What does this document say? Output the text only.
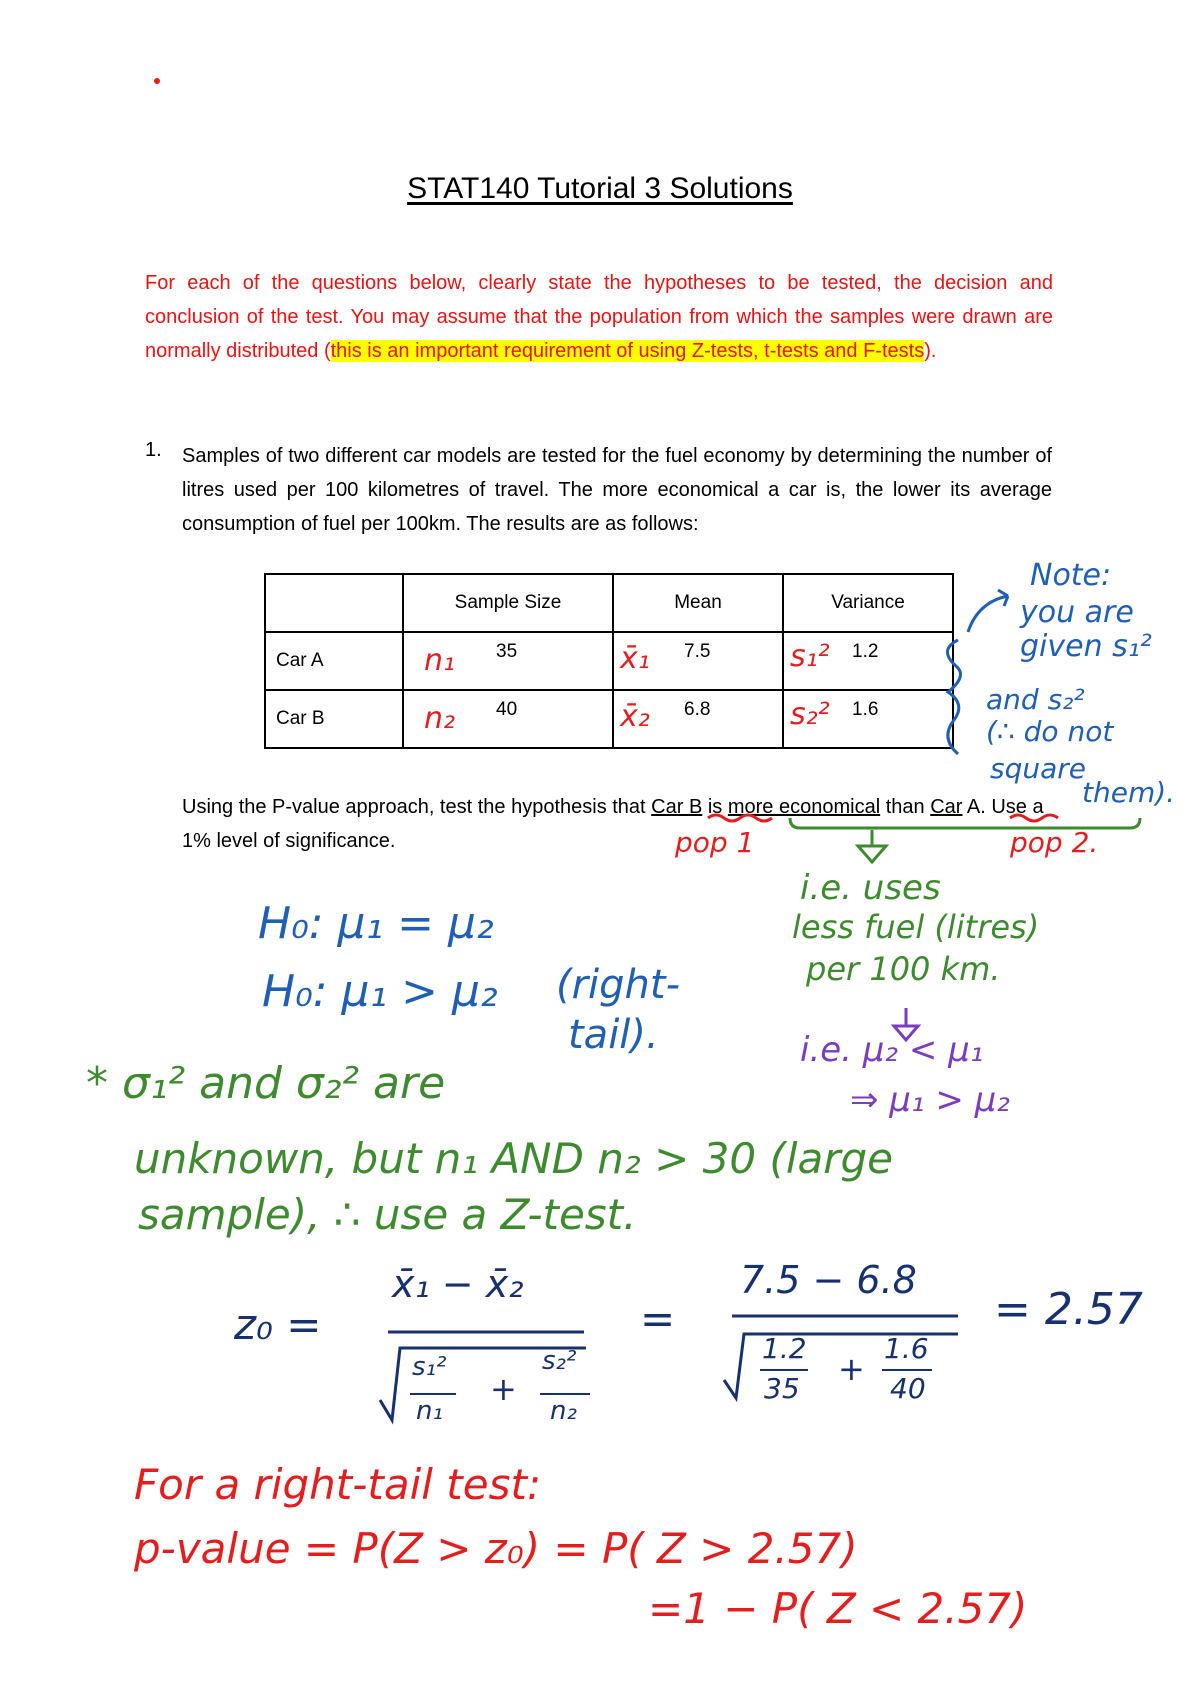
STAT140 Tutorial 3 Solutions
For each of the questions below, clearly state the hypotheses to be tested, the decision and conclusion of the test. You may assume that the population from which the samples were drawn are normally distributed (this is an important requirement of using Z-tests, t-tests and F-tests).
1. Samples of two different car models are tested for the fuel economy by determining the number of litres used per 100 kilometres of travel. The more economical a car is, the lower its average consumption of fuel per 100km. The results are as follows:
	Sample Size	Mean	Variance
Car A	n₁ 35	x̄₁ 7.5	s₁² 1.2

Car B	n₂ 40	x̄₂ 6.8	s₂² 1.6
Note:
you are
given s₁²
and s₂²
(∴ do not
square
them).
Using the P-value approach, test the hypothesis that Car B is more economical than Car A. Use a 1% level of significance.	pop 1	pop 2.
i.e. uses
less fuel (litres)
per 100 km.
i.e. μ₂ < μ₁
⇒ μ₁ > μ₂
H₀: μ₁ = μ₂
H₀: μ₁ > μ₂ (right-
tail).
* σ₁² and σ₂² are
unknown, but n₁ AND n₂ > 30 (large
sample), ∴ use a Z-test.
z₀ =
x̄₁ − x̄₂
s₁²
n₁
+
s₂²
n₂
=
7.5 − 6.8
1.2
35
+
1.6
40
= 2.57
For a right-tail test:
p-value = P(Z > z₀) = P( Z > 2.57)
=1 − P( Z < 2.57)
